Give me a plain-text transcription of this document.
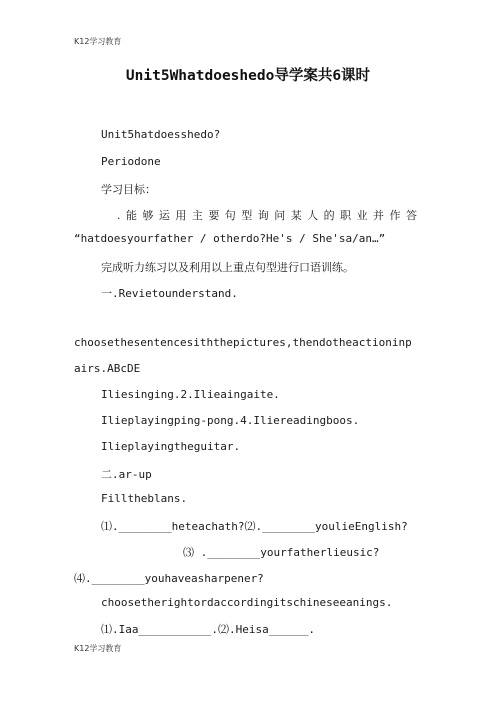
K12学习教育
Unit5Whatdoeshedo导学案共6课时
Unit5hatdoesshedo?
Periodone
学习目标：
.能够运用主要句型询问某人的职业并作答
“hatdoesyourfather / otherdo?He's / She'sa/an…”
完成听力练习以及利用以上重点句型进行口语训练。
一.Revietounderstand.
choosethesentencesiththepictures,thendotheactioninp
airs.ABcDE
Iliesinging.2.Ilieaingaite.
Ilieplayingping-pong.4.Iliereadingboos.
Ilieplayingtheguitar.
二.ar-up
Filltheblans.
⑴.________heteachath?⑵.________youlieEnglish?
⑶ .________yourfatherlieusic?
⑷.________youhaveasharpener?
choosetherightordaccordingitschineseeanings.
⑴.Iaa___________.⑵.Heisa______.
K12学习教育
